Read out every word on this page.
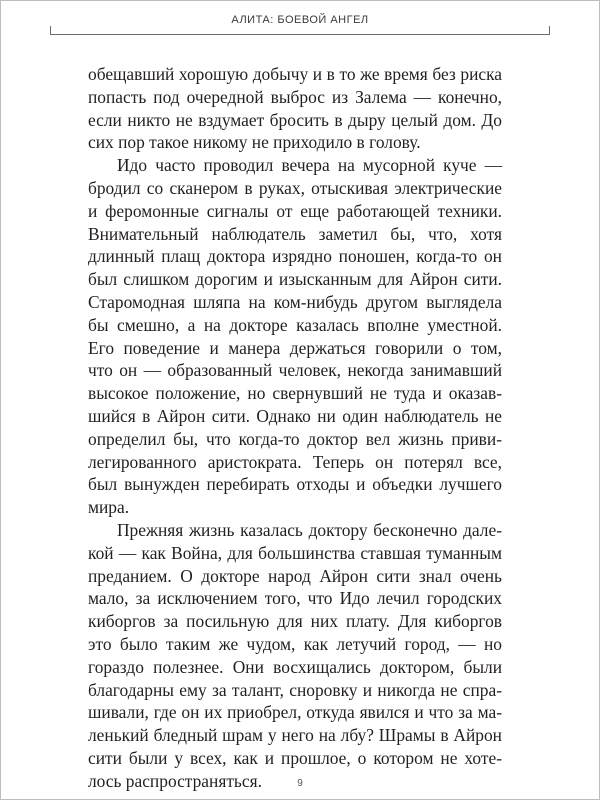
АЛИТА: БОЕВОЙ АНГЕЛ
обещавший хорошую добычу и в то же время без риска
попасть под очередной выброс из Залема — конечно,
если никто не вздумает бросить в дыру целый дом. До
сих пор такое никому не приходило в голову.
Идо часто проводил вечера на мусорной куче —
бродил со сканером в руках, отыскивая электрические
и феромонные сигналы от еще работающей техники.
Внимательный наблюдатель заметил бы, что, хотя
длинный плащ доктора изрядно поношен, когда-то он
был слишком дорогим и изысканным для Айрон сити.
Старомодная шляпа на ком-нибудь другом выглядела
бы смешно, а на докторе казалась вполне уместной.
Его поведение и манера держаться говорили о том,
что он — образованный человек, некогда занимавший
высокое положение, но свернувший не туда и оказав-
шийся в Айрон сити. Однако ни один наблюдатель не
определил бы, что когда-то доктор вел жизнь приви-
легированного аристократа. Теперь он потерял все,
был вынужден перебирать отходы и объедки лучшего
мира.
Прежняя жизнь казалась доктору бесконечно дале-
кой — как Война, для большинства ставшая туманным
преданием. О докторе народ Айрон сити знал очень
мало, за исключением того, что Идо лечил городских
киборгов за посильную для них плату. Для киборгов
это было таким же чудом, как летучий город, — но
гораздо полезнее. Они восхищались доктором, были
благодарны ему за талант, сноровку и никогда не спра-
шивали, где он их приобрел, откуда явился и что за ма-
ленький бледный шрам у него на лбу? Шрамы в Айрон
сити были у всех, как и прошлое, о котором не хоте-
лось распространяться.	9
